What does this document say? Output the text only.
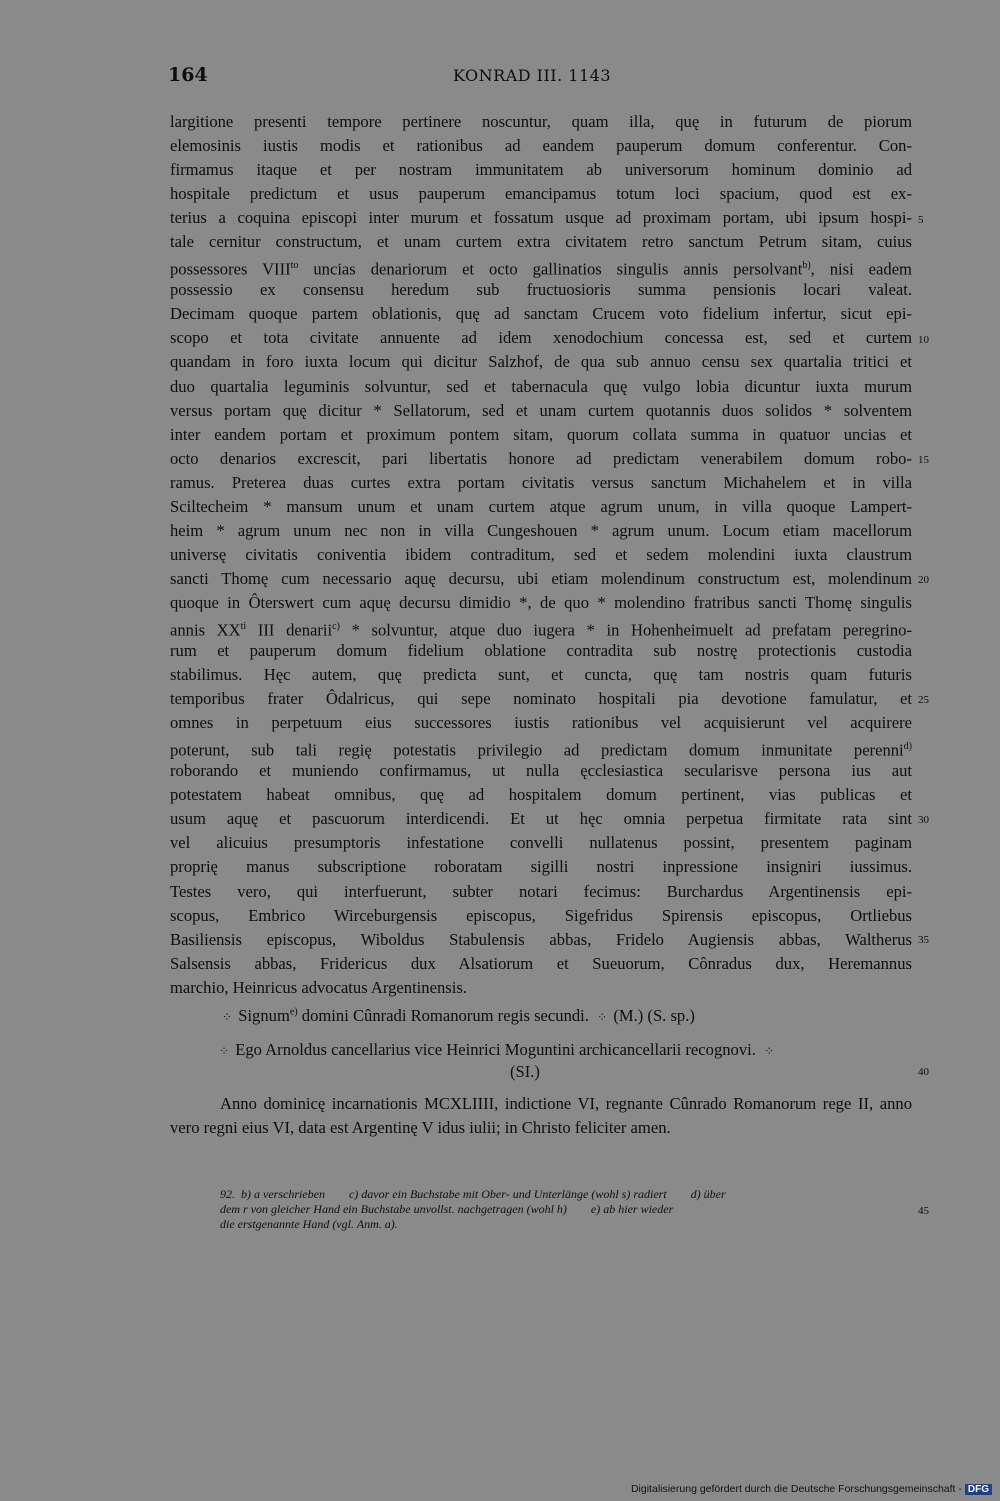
164	KONRAD III. 1143
largitione presenti tempore pertinere noscuntur, quam illa, quę in futurum de piorum
elemosinis iustis modis et rationibus ad eandem pauperum domum conferentur. Con-
firmamus itaque et per nostram immunitatem ab universorum hominum dominio ad
hospitale predictum et usus pauperum emancipamus totum loci spacium, quod est ex-
terius a coquina episcopi inter murum et fossatum usque ad proximam portam, ubi ipsum hospi-
tale cernitur constructum, et unam curtem extra civitatem retro sanctum Petrum sitam, cuius
possessores $VIII^{to}$ uncias denariorum et octo gallinatios singulis annis persolvant$^{b)}$, nisi eadem
possessio ex consensu heredum sub fructuosioris summa pensionis locari valeat.
Decimam quoque partem oblationis, quę ad sanctam Crucem voto fidelium infertur, sicut epi-
scopo et tota civitate annuente ad idem xenodochium concessa est, sed et curtem
quandam in foro iuxta locum qui dicitur Salzhof, de qua sub annuo censu sex quartalia tritici et
duo quartalia leguminis solvuntur, sed et tabernacula quę vulgo lobia dicuntur iuxta murum
versus portam quę dicitur * Sellatorum, sed et unam curtem quotannis duos solidos * solventem
inter eandem portam et proximum pontem sitam, quorum collata summa in quatuor uncias et
octo denarios excrescit, pari libertatis honore ad predictam venerabilem domum robo-
ramus. Preterea duas curtes extra portam civitatis versus sanctum Michahelem et in villa
Sciltecheim * mansum unum et unam curtem atque agrum unum, in villa quoque Lampert-
heim * agrum unum nec non in villa Cungeshouen * agrum unum. Locum etiam macellorum
universę civitatis coniventia ibidem contraditum, sed et sedem molendini iuxta claustrum
sancti Thomę cum necessario aquę decursu, ubi etiam molendinum constructum est, molendinum
quoque in Ôterswert cum aquę decursu dimidio *, de quo * molendino fratribus sancti Thomę singulis
annis $XX^{ti}$ III denarii$^{c)}$ * solvuntur, atque duo iugera * in Hohenheimuelt ad prefatam peregrino-
rum et pauperum domum fidelium oblatione contradita sub nostrę protectionis custodia
stabilimus. Hęc autem, quę predicta sunt, et cuncta, quę tam nostris quam futuris
temporibus frater Ôdalricus, qui sepe nominato hospitali pia devotione famulatur, et
omnes in perpetuum eius successores iustis rationibus vel acquisierunt vel acquirere
poterunt, sub tali regię potestatis privilegio ad predictam domum inmunitate perenni$^{d)}$
roborando et muniendo confirmamus, ut nulla ęcclesiastica secularisve persona ius aut
potestatem habeat omnibus, quę ad hospitalem domum pertinent, vias publicas et
usum aquę et pascuorum interdicendi. Et ut hęc omnia perpetua firmitate rata sint
vel alicuius presumptoris infestatione convelli nullatenus possint, presentem paginam
proprię manus subscriptione roboratam sigilli nostri inpressione insigniri iussimus.
Testes vero, qui interfuerunt, subter notari fecimus: Burchardus Argentinensis epi-
scopus, Embrico Wirceburgensis episcopus, Sigefridus Spirensis episcopus, Ortliebus
Basiliensis episcopus, Wiboldus Stabulensis abbas, Fridelo Augiensis abbas, Waltherus
Salsensis abbas, Fridericus dux Alsatiorum et Sueuorum, Cônradus dux, Heremannus
marchio, Heinricus advocatus Argentinensis.
⁘ Signum$^{e)}$ domini Cûnradi Romanorum regis secundi. ⁘ (M.) (S. sp.)
⁘ Ego Arnoldus cancellarius vice Heinrici Moguntini archicancellarii recognovi. ⁘
(SI.)
Anno dominicę incarnationis MCXLIIII, indictione VI, regnante Cûnrado Romanorum rege II, anno vero regni eius VI, data est Argentinę V idus iulii; in Christo feliciter amen.
92.  b) a verschrieben        c) davor ein Buchstabe mit Ober- und Unterlänge (wohl s) radiert        d) über
dem r von gleicher Hand ein Buchstabe unvollst. nachgetragen (wohl h)        e) ab hier wieder
die erstgenannte Hand (vgl. Anm. a).
5
10
15
20
25
30
35
40
45
Digitalisierung gefördert durch die Deutsche Forschungsgemeinschaft - DFG
